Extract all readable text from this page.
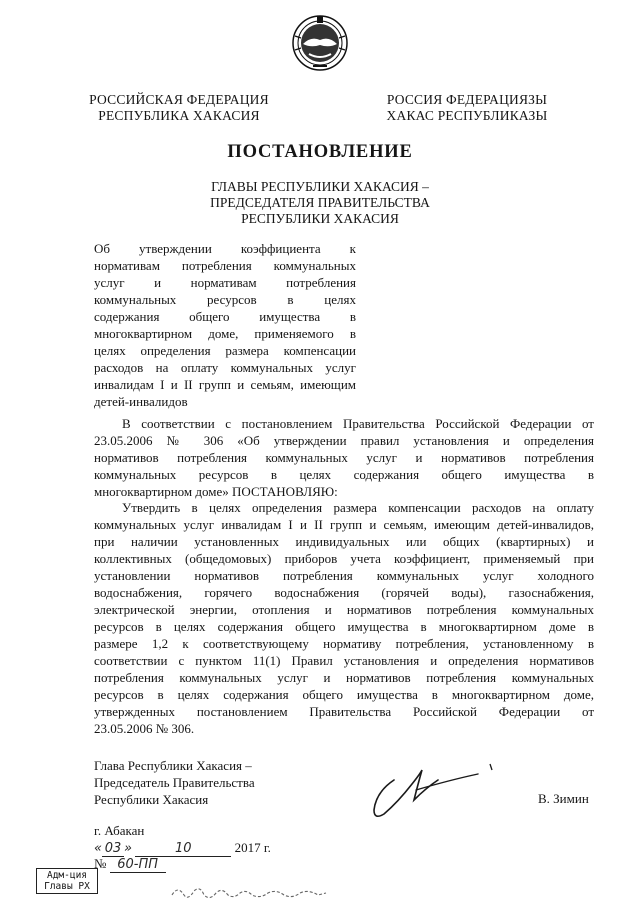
РОССИЙСКАЯ ФЕДЕРАЦИЯ
РЕСПУБЛИКА ХАКАСИЯ
РОССИЯ ФЕДЕРАЦИЯЗЫ
ХАКАС РЕСПУБЛИКАЗЫ
ПОСТАНОВЛЕНИЕ
ГЛАВЫ РЕСПУБЛИКИ ХАКАСИЯ –
ПРЕДСЕДАТЕЛЯ ПРАВИТЕЛЬСТВА
РЕСПУБЛИКИ ХАКАСИЯ
Об утверждении коэффициента к
нормативам потребления коммунальных
услуг и нормативам потребления
коммунальных ресурсов в целях
содержания общего имущества в
многоквартирном доме, применяемого в
целях определения размера компенсации
расходов на оплату коммунальных услуг
инвалидам I и II групп и семьям, имеющим
детей-инвалидов
В соответствии с постановлением Правительства Российской Федерации от
23.05.2006 № 306 «Об утверждении правил установления и определения
нормативов потребления коммунальных услуг и нормативов потребления
коммунальных ресурсов в целях содержания общего имущества в
многоквартирном доме» ПОСТАНОВЛЯЮ:
Утвердить в целях определения размера компенсации расходов на оплату
коммунальных услуг инвалидам I и II групп и семьям, имеющим детей-инвалидов,
при наличии установленных индивидуальных или общих (квартирных) и
коллективных (общедомовых) приборов учета коэффициент, применяемый при
установлении нормативов потребления коммунальных услуг холодного
водоснабжения, горячего водоснабжения (горячей воды), газоснабжения,
электрической энергии, отопления и нормативов потребления коммунальных
ресурсов в целях содержания общего имущества в многоквартирном доме в
размере 1,2 к соответствующему нормативу потребления, установленному в
соответствии с пунктом 11(1) Правил установления и определения нормативов
потребления коммунальных услуг и нормативов потребления коммунальных
ресурсов в целях содержания общего имущества в многоквартирном доме,
утвержденных постановлением Правительства Российской Федерации от
23.05.2006 № 306.
Глава Республики Хакасия –
Председатель Правительства
Республики Хакасия	В. Зимин
г. Абакан
« 03 »	10	2017 г.
№ 60-ПП
Адм-ция
Главы РХ
